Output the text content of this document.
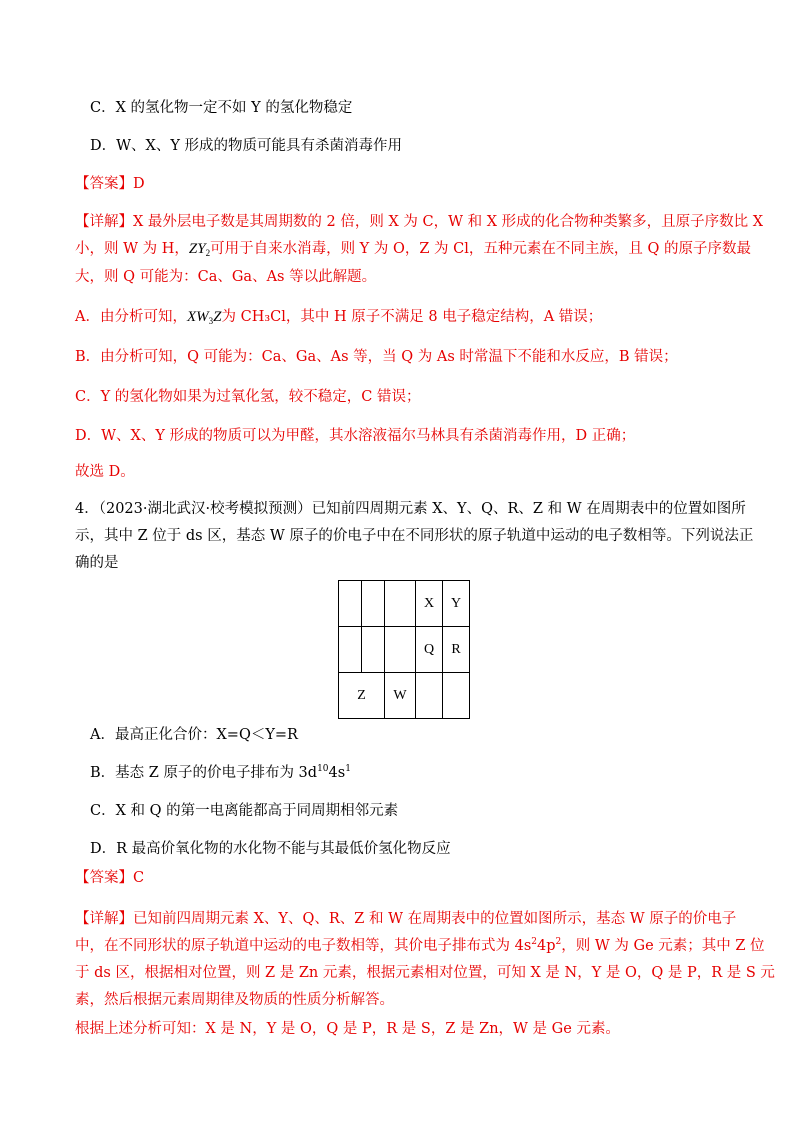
C．X 的氢化物一定不如 Y 的氢化物稳定
D．W、X、Y 形成的物质可能具有杀菌消毒作用
【答案】D
【详解】X 最外层电子数是其周期数的 2 倍，则 X 为 C，W 和 X 形成的化合物种类繁多，且原子序数比 X
小，则 W 为 H，$ZY_2$可用于自来水消毒，则 Y 为 O，Z 为 Cl，五种元素在不同主族，且 Q 的原子序数最
大，则 Q 可能为：Ca、Ga、As 等以此解题。
A．由分析可知，$XW_3Z$为 CH₃Cl，其中 H 原子不满足 8 电子稳定结构，A 错误；
B．由分析可知，Q 可能为：Ca、Ga、As 等，当 Q 为 As 时常温下不能和水反应，B 错误；
C．Y 的氢化物如果为过氧化氢，较不稳定，C 错误；
D．W、X、Y 形成的物质可以为甲醛，其水溶液福尔马林具有杀菌消毒作用，D 正确；
故选 D。
4．（2023·湖北武汉·校考模拟预测）已知前四周期元素 X、Y、Q、R、Z 和 W 在周期表中的位置如图所
示，其中 Z 位于 ds 区，基态 W 原子的价电子中在不同形状的原子轨道中运动的电子数相等。下列说法正
确的是
			X	Y
			Q	R
Z		W		
A．最高正化合价：X=Q＜Y=R
B．基态 Z 原子的价电子排布为 $3d^{10}4s^1$
C．X 和 Q 的第一电离能都高于同周期相邻元素
D．R 最高价氧化物的水化物不能与其最低价氢化物反应
【答案】C
【详解】已知前四周期元素 X、Y、Q、R、Z 和 W 在周期表中的位置如图所示，基态 W 原子的价电子
中，在不同形状的原子轨道中运动的电子数相等，其价电子排布式为 $4s^24p^2$，则 W 为 Ge 元素；其中 Z 位
于 ds 区，根据相对位置，则 Z 是 Zn 元素，根据元素相对位置，可知 X 是 N，Y 是 O，Q 是 P，R 是 S 元
素，然后根据元素周期律及物质的性质分析解答。
根据上述分析可知：X 是 N，Y 是 O，Q 是 P，R 是 S，Z 是 Zn，W 是 Ge 元素。
